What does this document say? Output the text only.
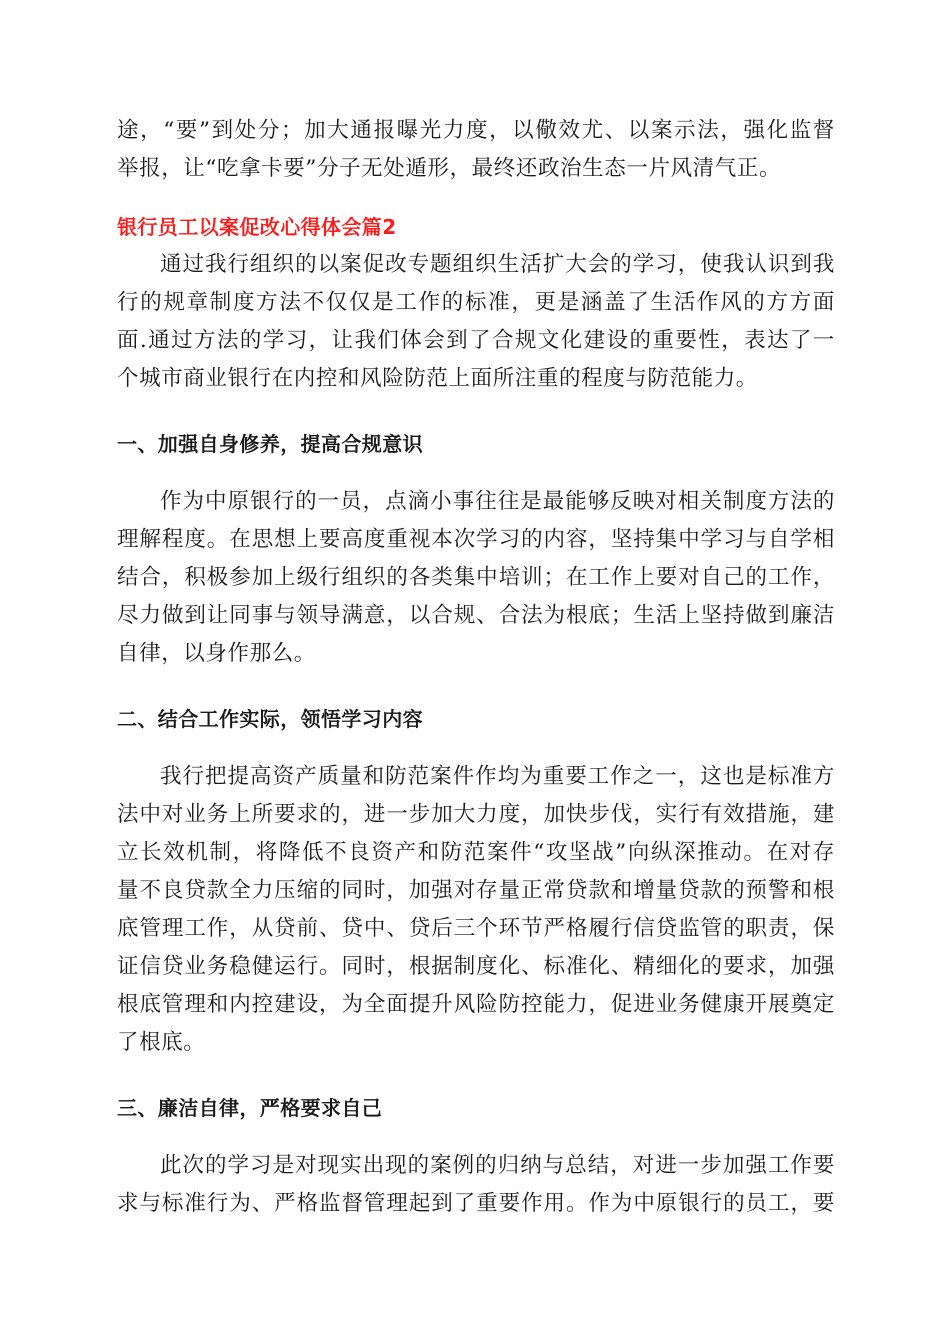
途，“要”到处分；加大通报曝光力度，以儆效尤、以案示法，强化监督
举报，让“吃拿卡要”分子无处遁形，最终还政治生态一片风清气正。
银行员工以案促改心得体会篇2
通过我行组织的以案促改专题组织生活扩大会的学习，使我认识到我
行的规章制度方法不仅仅是工作的标准，更是涵盖了生活作风的方方面
面.通过方法的学习，让我们体会到了合规文化建设的重要性，表达了一
个城市商业银行在内控和风险防范上面所注重的程度与防范能力。
一、加强自身修养，提高合规意识
作为中原银行的一员，点滴小事往往是最能够反映对相关制度方法的
理解程度。在思想上要高度重视本次学习的内容，坚持集中学习与自学相
结合，积极参加上级行组织的各类集中培训；在工作上要对自己的工作，
尽力做到让同事与领导满意，以合规、合法为根底；生活上坚持做到廉洁
自律，以身作那么。
二、结合工作实际，领悟学习内容
我行把提高资产质量和防范案件作均为重要工作之一，这也是标准方
法中对业务上所要求的，进一步加大力度，加快步伐，实行有效措施，建
立长效机制，将降低不良资产和防范案件“攻坚战”向纵深推动。在对存
量不良贷款全力压缩的同时，加强对存量正常贷款和增量贷款的预警和根
底管理工作，从贷前、贷中、贷后三个环节严格履行信贷监管的职责，保
证信贷业务稳健运行。同时，根据制度化、标准化、精细化的要求，加强
根底管理和内控建设，为全面提升风险防控能力，促进业务健康开展奠定
了根底。
三、廉洁自律，严格要求自己
此次的学习是对现实出现的案例的归纳与总结，对进一步加强工作要
求与标准行为、严格监督管理起到了重要作用。作为中原银行的员工，要
